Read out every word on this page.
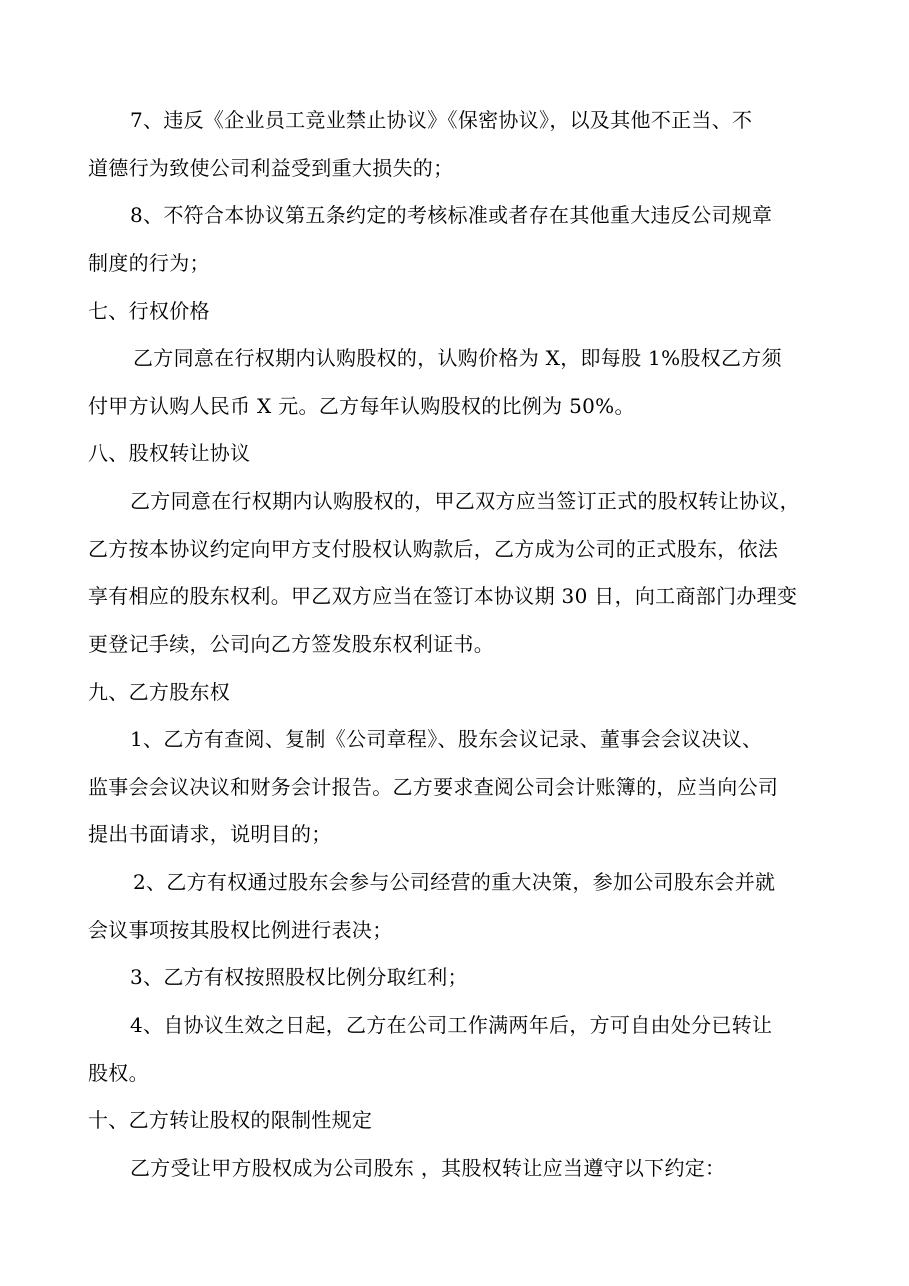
7、违反《企业员工竞业禁止协议》《保密协议》，以及其他不正当、不
道德行为致使公司利益受到重大损失的；
8、不符合本协议第五条约定的考核标准或者存在其他重大违反公司规章
制度的行为；
七、行权价格
乙方同意在行权期内认购股权的，认购价格为 X，即每股 1%股权乙方须
付甲方认购人民币 X 元。乙方每年认购股权的比例为 50%。
八、股权转让协议
乙方同意在行权期内认购股权的，甲乙双方应当签订正式的股权转让协议，
乙方按本协议约定向甲方支付股权认购款后，乙方成为公司的正式股东，依法
享有相应的股东权利。甲乙双方应当在签订本协议期 30 日，向工商部门办理变
更登记手续，公司向乙方签发股东权利证书。
九、乙方股东权
1、乙方有查阅、复制《公司章程》、股东会议记录、董事会会议决议、
监事会会议决议和财务会计报告。乙方要求查阅公司会计账簿的，应当向公司
提出书面请求，说明目的；
2、乙方有权通过股东会参与公司经营的重大决策，参加公司股东会并就
会议事项按其股权比例进行表决；
3、乙方有权按照股权比例分取红利；
4、自协议生效之日起，乙方在公司工作满两年后，方可自由处分已转让
股权。
十、乙方转让股权的限制性规定
乙方受让甲方股权成为公司股东 ，其股权转让应当遵守以下约定：
